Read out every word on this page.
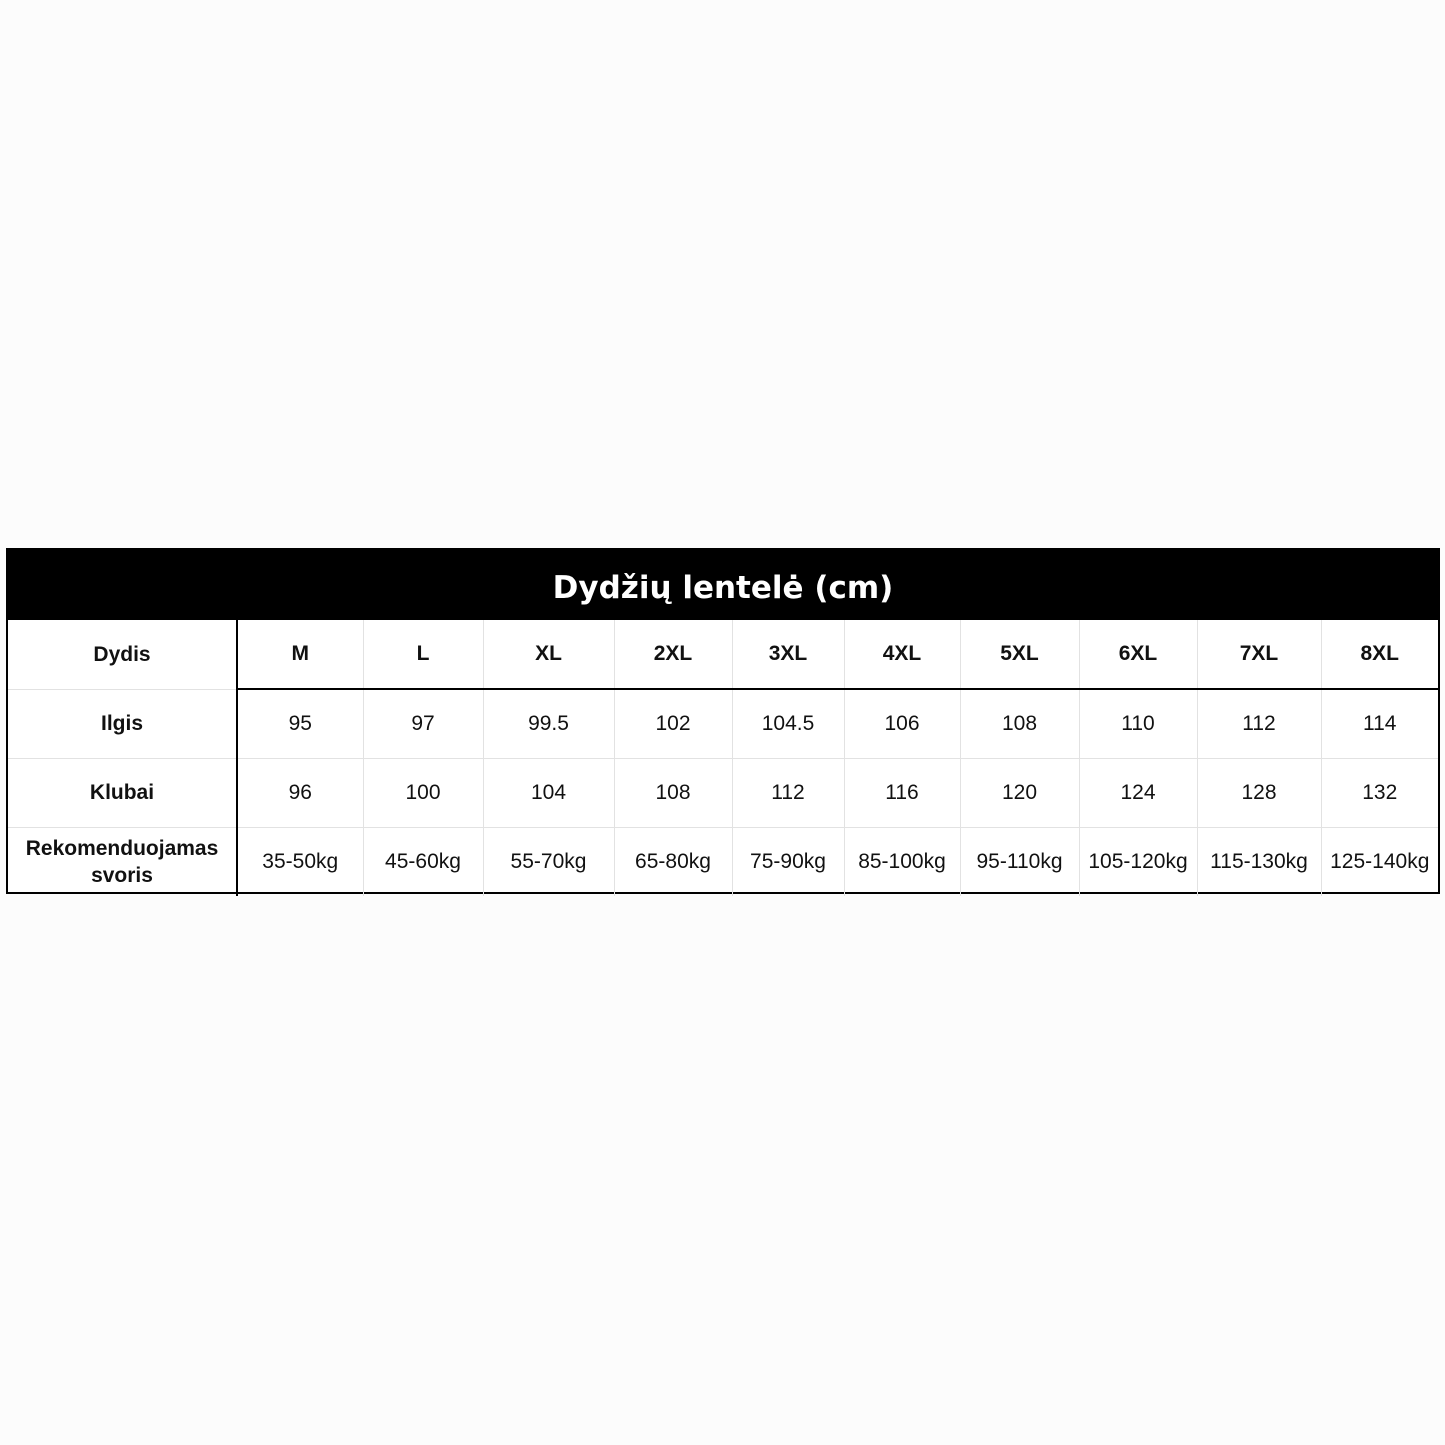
Dydžių lentelė (cm)
Dydis	M	L	XL	2XL	3XL	4XL	5XL	6XL	7XL	8XL
Ilgis	95	97	99.5	102	104.5	106	108	110	112	114
Klubai	96	100	104	108	112	116	120	124	128	132
Rekomenduojamas svoris	35-50kg	45-60kg	55-70kg	65-80kg	75-90kg	85-100kg	95-110kg	105-120kg	115-130kg	125-140kg
